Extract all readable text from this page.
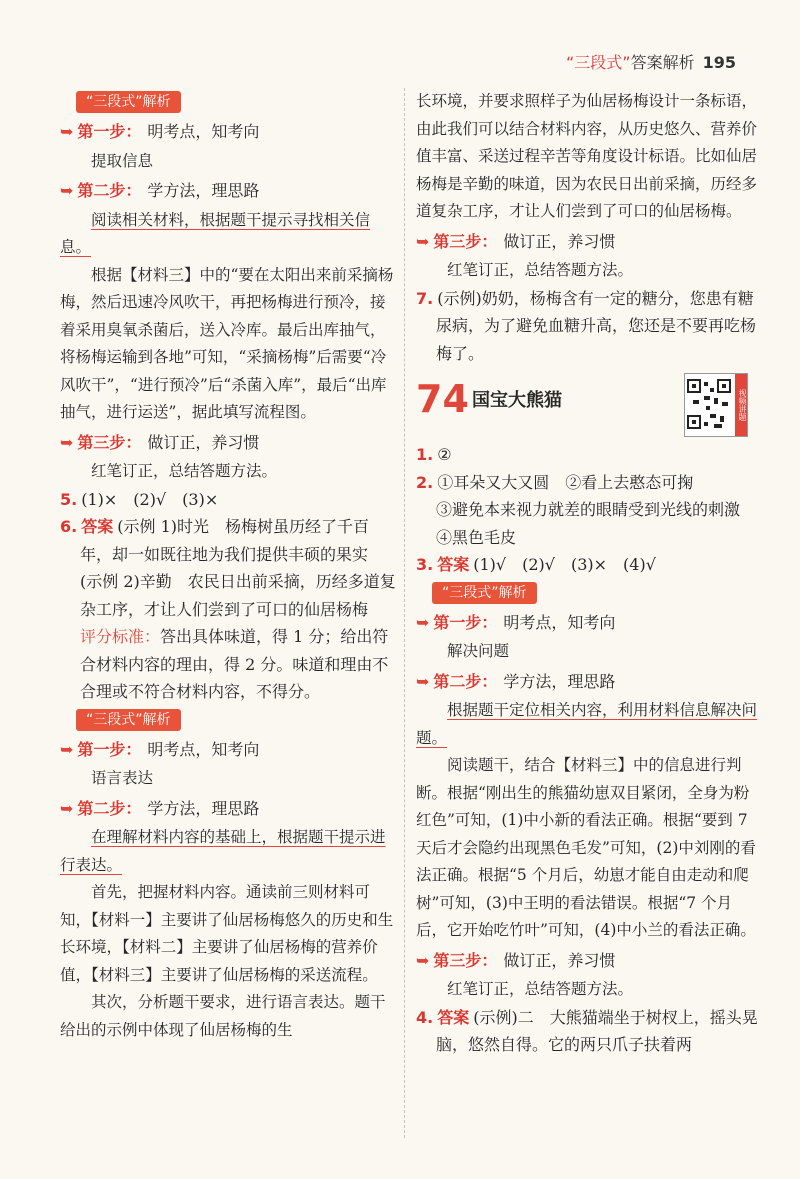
“三段式”答案解析 195
“三段式”解析
➥ 第一步： 明考点，知考向

提取信息

➥ 第二步： 学方法，理思路

阅读相关材料，根据题干提示寻找相关信息。

根据【材料三】中的“要在太阳出来前采摘杨梅，然后迅速冷风吹干，再把杨梅进行预冷，接着采用臭氧杀菌后，送入冷库。最后出库抽气，将杨梅运输到各地”可知，“采摘杨梅”后需要“冷风吹干”，“进行预冷”后“杀菌入库”，最后“出库抽气，进行运送”，据此填写流程图。

➥ 第三步： 做订正，养习惯

红笔订正，总结答题方法。

5. (1)×　(2)√　(3)×

6. 答案 (示例 1)时光　杨梅树虽历经了千百年，却一如既往地为我们提供丰硕的果实

(示例 2)辛勤　农民日出前采摘，历经多道复杂工序，才让人们尝到了可口的仙居杨梅

评分标准：答出具体味道，得 1 分；给出符合材料内容的理由，得 2 分。味道和理由不合理或不符合材料内容，不得分。

“三段式”解析
➥ 第一步： 明考点，知考向

语言表达

➥ 第二步： 学方法，理思路

在理解材料内容的基础上，根据题干提示进行表达。

首先，把握材料内容。通读前三则材料可知，【材料一】主要讲了仙居杨梅悠久的历史和生长环境，【材料二】主要讲了仙居杨梅的营养价值，【材料三】主要讲了仙居杨梅的采送流程。

其次，分析题干要求，进行语言表达。题干给出的示例中体现了仙居杨梅的生

长环境，并要求照样子为仙居杨梅设计一条标语，由此我们可以结合材料内容，从历史悠久、营养价值丰富、采送过程辛苦等角度设计标语。比如仙居杨梅是辛勤的味道，因为农民日出前采摘，历经多道复杂工序，才让人们尝到了可口的仙居杨梅。

➥ 第三步： 做订正，养习惯

红笔订正，总结答题方法。

7. (示例)奶奶，杨梅含有一定的糖分，您患有糖尿病，为了避免血糖升高，您还是不要再吃杨梅了。

74 国宝大熊猫	视频讲题

1. ②

2. ①耳朵又大又圆　②看上去憨态可掬

③避免本来视力就差的眼睛受到光线的刺激　④黑色毛皮

3. 答案 (1)√　(2)√　(3)×　(4)√

“三段式”解析
➥ 第一步： 明考点，知考向

解决问题

➥ 第二步： 学方法，理思路

根据题干定位相关内容，利用材料信息解决问题。

阅读题干，结合【材料三】中的信息进行判断。根据“刚出生的熊猫幼崽双目紧闭，全身为粉红色”可知，(1)中小新的看法正确。根据“要到 7 天后才会隐约出现黑色毛发”可知，(2)中刘刚的看法正确。根据“5 个月后，幼崽才能自由走动和爬树”可知，(3)中王明的看法错误。根据“7 个月后，它开始吃竹叶”可知，(4)中小兰的看法正确。

➥ 第三步： 做订正，养习惯

红笔订正，总结答题方法。

4. 答案 (示例)二　大熊猫端坐于树杈上，摇头晃脑，悠然自得。它的两只爪子扶着两
